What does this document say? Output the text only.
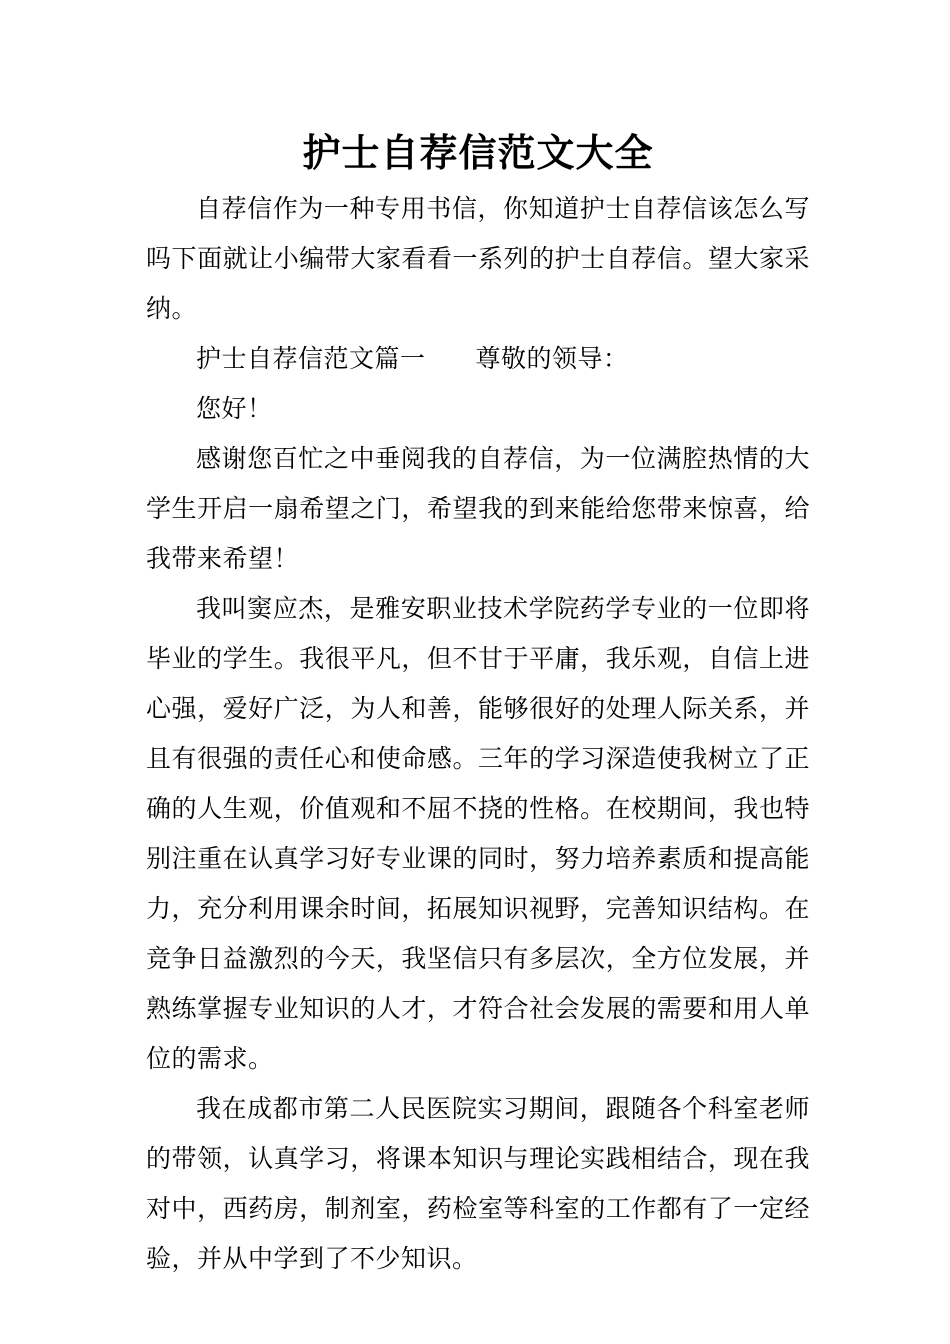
护士自荐信范文大全

自荐信作为一种专用书信，你知道护士自荐信该怎么写吗下面就让小编带大家看看一系列的护士自荐信。望大家采纳。

护士自荐信范文篇一 尊敬的领导：

您好！

感谢您百忙之中垂阅我的自荐信，为一位满腔热情的大学生开启一扇希望之门，希望我的到来能给您带来惊喜，给我带来希望！

我叫窦应杰，是雅安职业技术学院药学专业的一位即将毕业的学生。我很平凡，但不甘于平庸，我乐观，自信上进心强，爱好广泛，为人和善，能够很好的处理人际关系，并且有很强的责任心和使命感。三年的学习深造使我树立了正确的人生观，价值观和不屈不挠的性格。在校期间，我也特别注重在认真学习好专业课的同时，努力培养素质和提高能力，充分利用课余时间，拓展知识视野，完善知识结构。在竞争日益激烈的今天，我坚信只有多层次，全方位发展，并熟练掌握专业知识的人才，才符合社会发展的需要和用人单位的需求。

我在成都市第二人民医院实习期间，跟随各个科室老师的带领，认真学习，将课本知识与理论实践相结合，现在我对中，西药房，制剂室，药检室等科室的工作都有了一定经验，并从中学到了不少知识。
